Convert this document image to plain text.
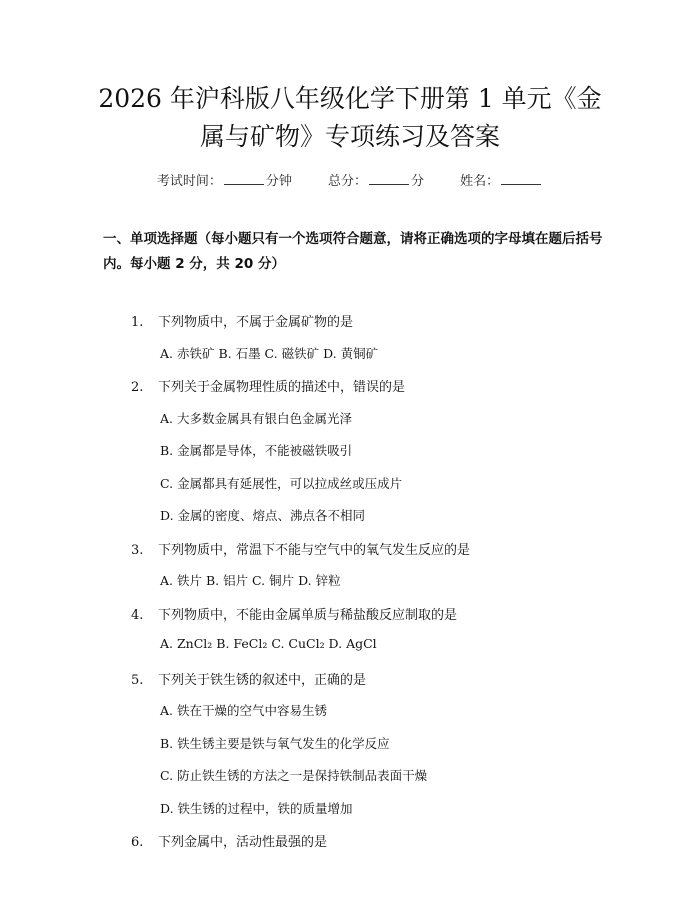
2026 年沪科版八年级化学下册第 1 单元《金
属与矿物》专项练习及答案
考试时间：	分钟	总分：	分	姓名：

一、单项选择题（每小题只有一个选项符合题意，请将正确选项的字母填在题后括号内。每小题 2 分，共 20 分）

1. 下列物质中，不属于金属矿物的是
A. 赤铁矿 B. 石墨 C. 磁铁矿 D. 黄铜矿
2. 下列关于金属物理性质的描述中，错误的是
A. 大多数金属具有银白色金属光泽
B. 金属都是导体，不能被磁铁吸引
C. 金属都具有延展性，可以拉成丝或压成片
D. 金属的密度、熔点、沸点各不相同
3. 下列物质中，常温下不能与空气中的氧气发生反应的是
A. 铁片 B. 铝片 C. 铜片 D. 锌粒
4. 下列物质中，不能由金属单质与稀盐酸反应制取的是
A. ZnCl₂ B. FeCl₂ C. CuCl₂ D. AgCl
5. 下列关于铁生锈的叙述中，正确的是
A. 铁在干燥的空气中容易生锈
B. 铁生锈主要是铁与氧气发生的化学反应
C. 防止铁生锈的方法之一是保持铁制品表面干燥
D. 铁生锈的过程中，铁的质量增加
6. 下列金属中，活动性最强的是
